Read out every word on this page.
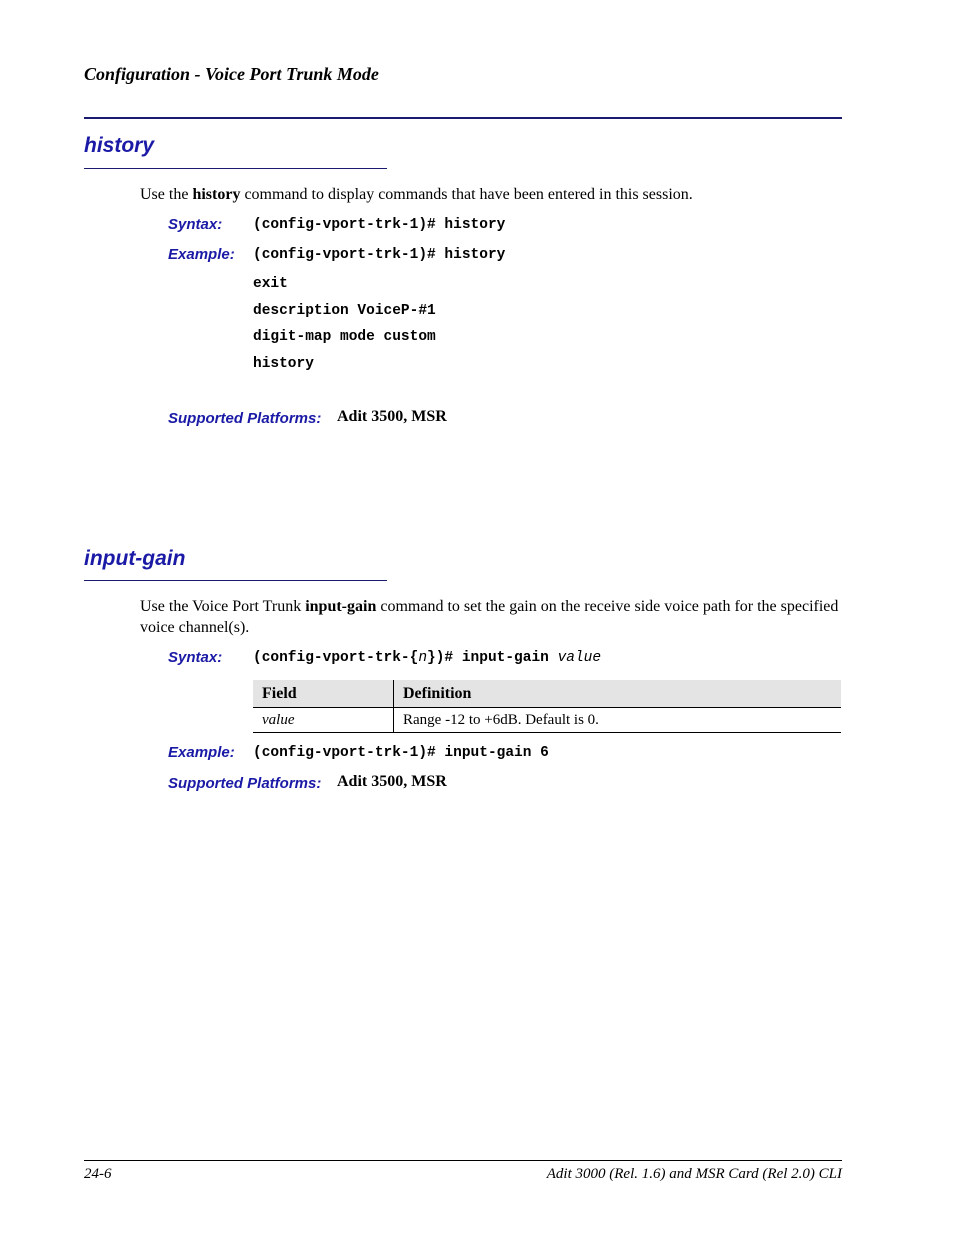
Configuration - Voice Port Trunk Mode
history
Use the history command to display commands that have been entered in this session.
Syntax: (config-vport-trk-1)# history
Example: (config-vport-trk-1)# history
exit
description VoiceP-#1
digit-map mode custom
history
Supported Platforms: Adit 3500, MSR
input-gain
Use the Voice Port Trunk input-gain command to set the gain on the receive side voice path for the specified voice channel(s).
Syntax: (config-vport-trk-{n})# input-gain value
Field	Definition
value	Range -12 to +6dB. Default is 0.
Example: (config-vport-trk-1)# input-gain 6
Supported Platforms: Adit 3500, MSR
24-6	Adit 3000 (Rel. 1.6) and MSR Card (Rel 2.0) CLI
